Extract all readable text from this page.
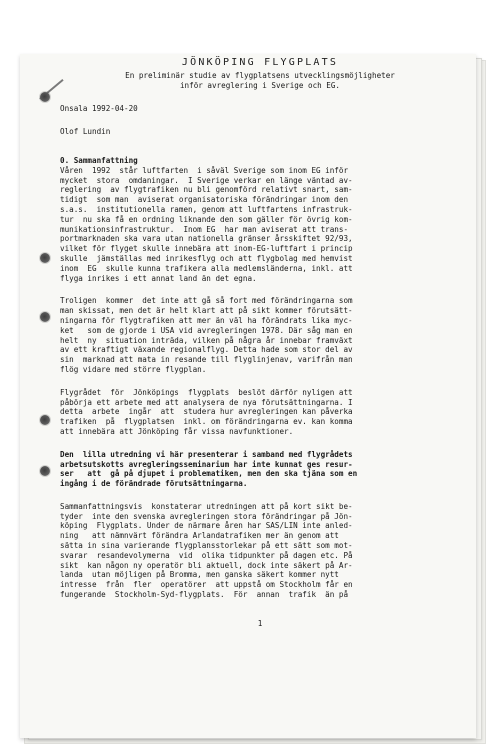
JÖNKÖPING FLYGPLATS
En preliminär studie av flygplatsens utvecklingsmöjligheter
inför avreglering i Sverige och EG.
Onsala 1992-04-20
Olof Lundin
0. Sammanfattning
Våren  1992  står luftfarten  i såväl Sverige som inom EG inför
mycket  stora  omdaningar.  I Sverige verkar en länge väntad av-
reglering  av flygtrafiken nu bli genomförd relativt snart, sam-
tidigt  som man  aviserat organisatoriska förändringar inom den
s.a.s.  institutionella ramen, genom att luftfartens infrastruk-
tur  nu ska få en ordning liknande den som gäller för övrig kom-
munikationsinfrastruktur.  Inom EG  har man aviserat att trans-
portmarknaden ska vara utan nationella gränser årsskiftet 92/93,
vilket för flyget skulle innebära att inom-EG-luftfart i princip
skulle  jämställas med inrikesflyg och att flygbolag med hemvist
inom  EG  skulle kunna trafikera alla medlemsländerna, inkl. att
flyga inrikes i ett annat land än det egna.
Troligen  kommer  det inte att gå så fort med förändringarna som
man skissat, men det är helt klart att på sikt kommer förutsätt-
ningarna för flygtrafiken att mer än väl ha förändrats lika myc-
ket   som de gjorde i USA vid avregleringen 1978. Där såg man en
helt  ny  situation inträda, vilken på några år innebar framväxt
av ett kraftigt växande regionalflyg. Detta hade som stor del av
sin  marknad att mata in resande till flyglinjenav, varifrån man
flög vidare med större flygplan.
Flygrådet  för  Jönköpings  flygplats  beslöt därför nyligen att
påbörja ett arbete med att analysera de nya förutsättningarna. I
detta  arbete  ingår  att  studera hur avregleringen kan påverka
trafiken  på  flygplatsen  inkl. om förändringarna ev. kan komma
att innebära att Jönköping får vissa navfunktioner.
Den  lilla utredning vi här presenterar i samband med flygrådets
arbetsutskotts avregleringsseminarium har inte kunnat ges resur-
ser   att  gå på djupet i problematiken, men den ska tjäna som en
ingång i de förändrade förutsättningarna.
Sammanfattningsvis  konstaterar utredningen att på kort sikt be-
tyder  inte den svenska avregleringen stora förändringar på Jön-
köping  Flygplats. Under de närmare åren har SAS/LIN inte anled-
ning   att nämnvärt förändra Arlandatrafiken mer än genom att
sätta in sina varierande flygplansstorlekar på ett sätt som mot-
svarar  resandevolymerna  vid  olika tidpunkter på dagen etc. På
sikt  kan någon ny operatör bli aktuell, dock inte säkert på Ar-
landa  utan möjligen på Bromma, men ganska säkert kommer nytt
intresse  från  fler  operatörer  att uppstå om Stockholm får en
fungerande  Stockholm-Syd-flygplats.  För  annan  trafik  än på
1
